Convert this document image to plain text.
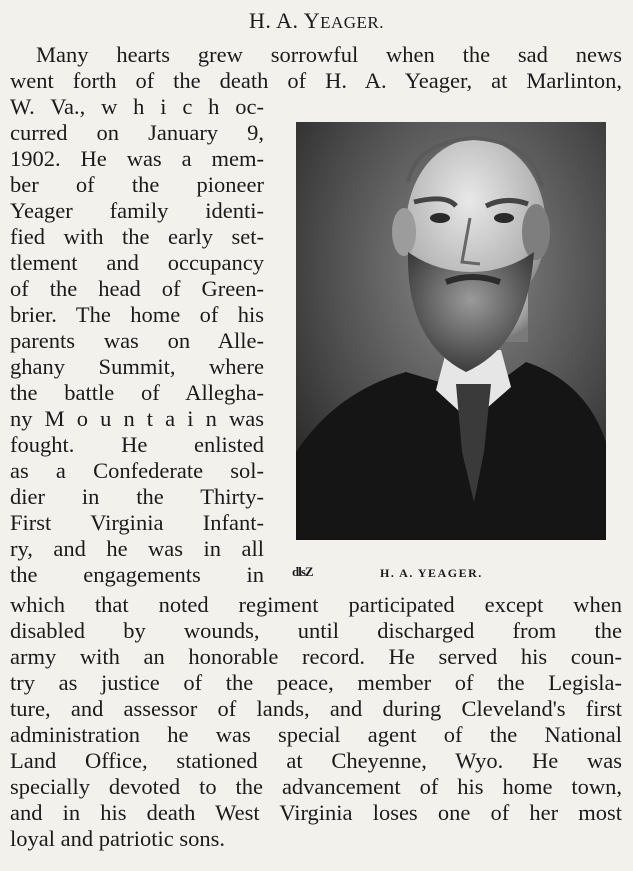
H. A. YEAGER.
Many hearts grew sorrowful when the sad news
went forth of the death of H. A. Yeager, at Marlinton,
W. Va., w h i c h oc-
curred on January 9,
1902. He was a mem-
ber of the pioneer
Yeager family identi-
fied with the early set-
tlement and occupancy
of the head of Green-
brier. The home of his
parents was on Alle-
ghany Summit, where
the battle of Allegha-
ny M o u n t a i n was
fought. He enlisted
as a Confederate sol-
dier in the Thirty-
First Virginia Infant-
ry, and he was in all
the engagements in
which that noted regiment participated except when
disabled by wounds, until discharged from the
army with an honorable record. He served his coun-
try as justice of the peace, member of the Legisla-
ture, and assessor of lands, and during Cleveland's first
administration he was special agent of the National
Land Office, stationed at Cheyenne, Wyo. He was
specially devoted to the advancement of his home town,
and in his death West Virginia loses one of her most
loyal and patriotic sons.
dlsZ	H. A. YEAGER.
